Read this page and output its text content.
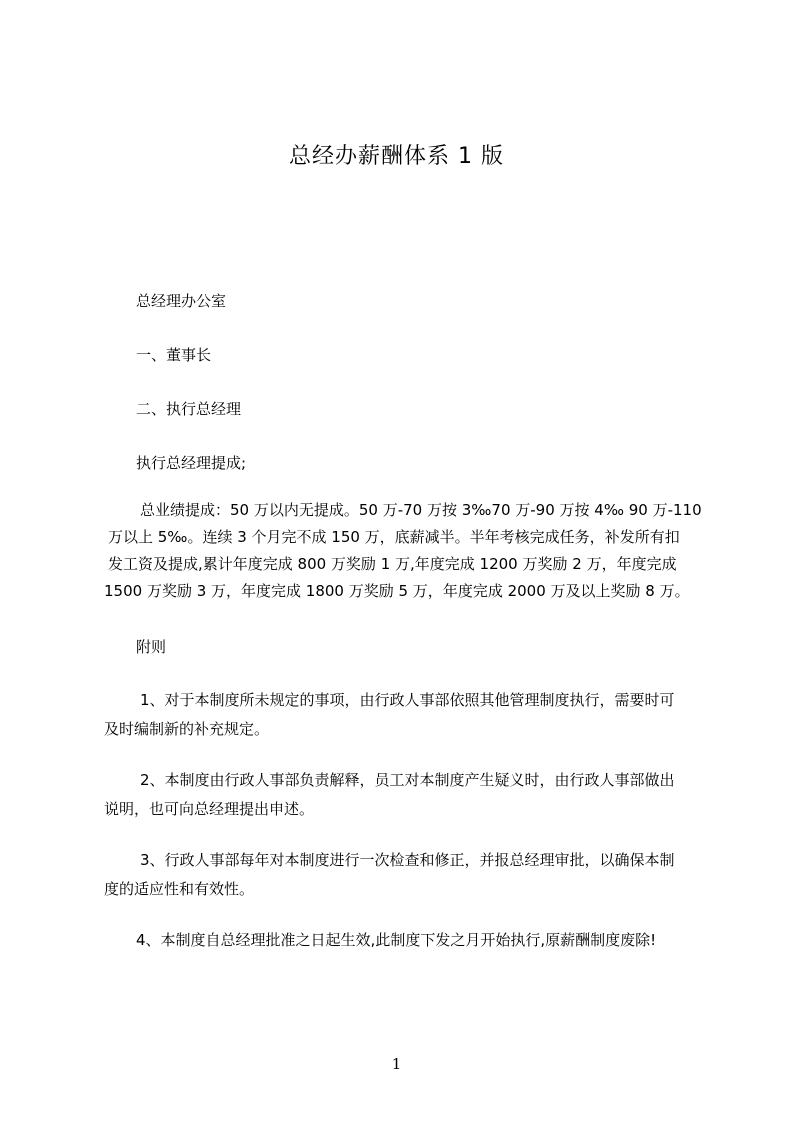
总经办薪酬体系 1 版

总经理办公室

一、董事长

二、执行总经理

执行总经理提成;

总业绩提成：50 万以内无提成。50 万-70 万按 3‰70 万-90 万按 4‰ 90 万-110
万以上 5‰。连续 3 个月完不成 150 万，底薪减半。半年考核完成任务，补发所有扣
发工资及提成,累计年度完成 800 万奖励 1 万,年度完成 1200 万奖励 2 万，年度完成
1500 万奖励 3 万，年度完成 1800 万奖励 5 万，年度完成 2000 万及以上奖励 8 万。

附则

1、对于本制度所未规定的事项，由行政人事部依照其他管理制度执行，需要时可
及时编制新的补充规定。
2、本制度由行政人事部负责解释，员工对本制度产生疑义时，由行政人事部做出
说明，也可向总经理提出申述。
3、行政人事部每年对本制度进行一次检查和修正，并报总经理审批，以确保本制
度的适应性和有效性。

4、本制度自总经理批准之日起生效,此制度下发之月开始执行,原薪酬制度废除!

1
